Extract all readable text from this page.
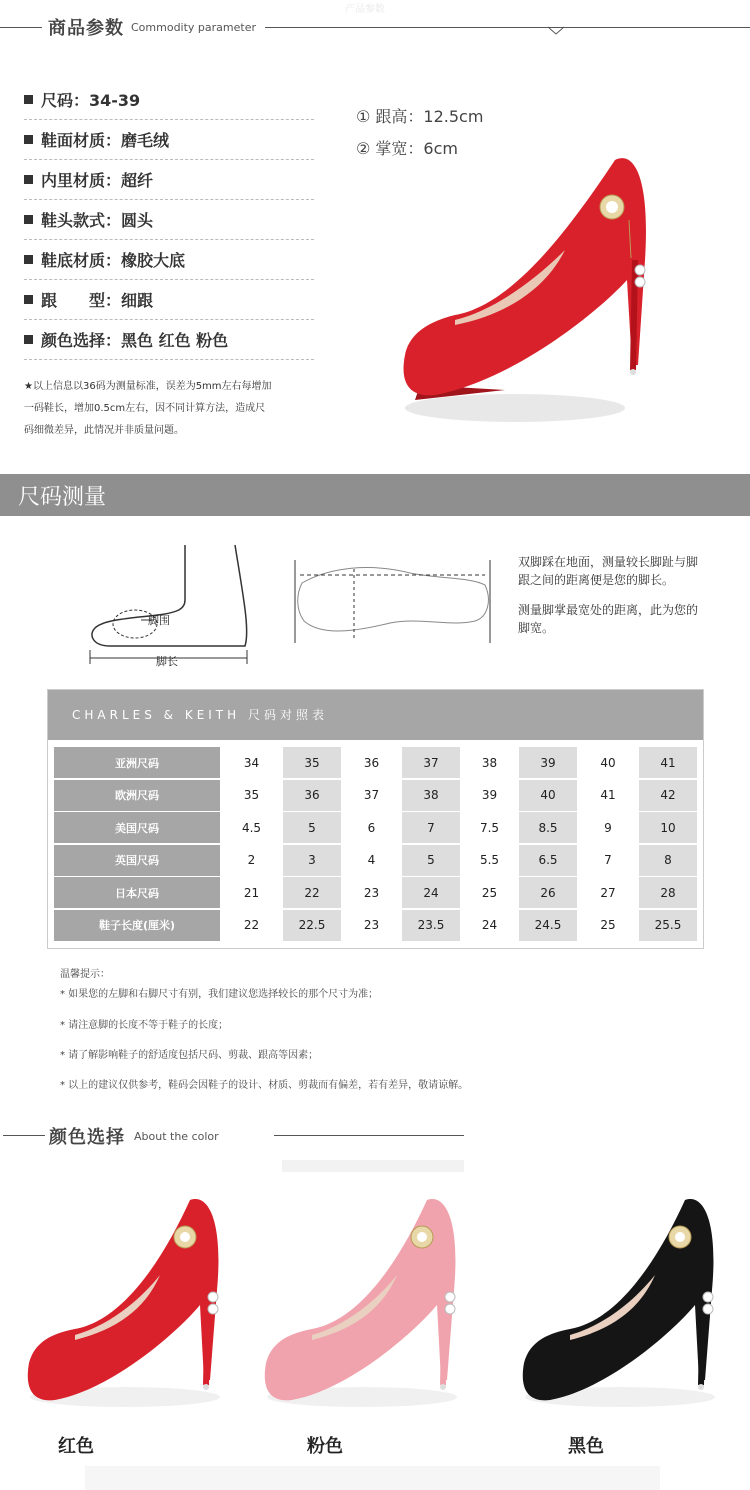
商品参数 Commodity parameter
产品参数
尺码：34-39
鞋面材质：磨毛绒
内里材质：超纤
鞋头款式：圆头
鞋底材质：橡胶大底
跟　　型：细跟
颜色选择：黑色 红色 粉色
★以上信息以36码为测量标准，误差为5mm左右每增加
一码鞋长，增加0.5cm左右，因不同计算方法，造成尺
码细微差异，此情况并非质量问题。
① 跟高：12.5cm
② 掌宽：6cm
尺码测量
脚围
脚长
双脚踩在地面，测量较长脚趾与脚
跟之间的距离便是您的脚长。
测量脚掌最宽处的距离，此为您的
脚宽。
CHARLES & KEITH 尺码对照表
亚洲尺码	34	35	36	37	38	39	40	41
欧洲尺码	35	36	37	38	39	40	41	42
美国尺码	4.5	5	6	7	7.5	8.5	9	10
英国尺码	2	3	4	5	5.5	6.5	7	8
日本尺码	21	22	23	24	25	26	27	28
鞋子长度(厘米)	22	22.5	23	23.5	24	24.5	25	25.5
温馨提示：
* 如果您的左脚和右脚尺寸有别，我们建议您选择较长的那个尺寸为准；
* 请注意脚的长度不等于鞋子的长度；
* 请了解影响鞋子的舒适度包括尺码、剪裁、跟高等因素；
* 以上的建议仅供参考，鞋码会因鞋子的设计、材质、剪裁而有偏差，若有差异，敬请谅解。
颜色选择 About the color
红色	粉色	黑色
